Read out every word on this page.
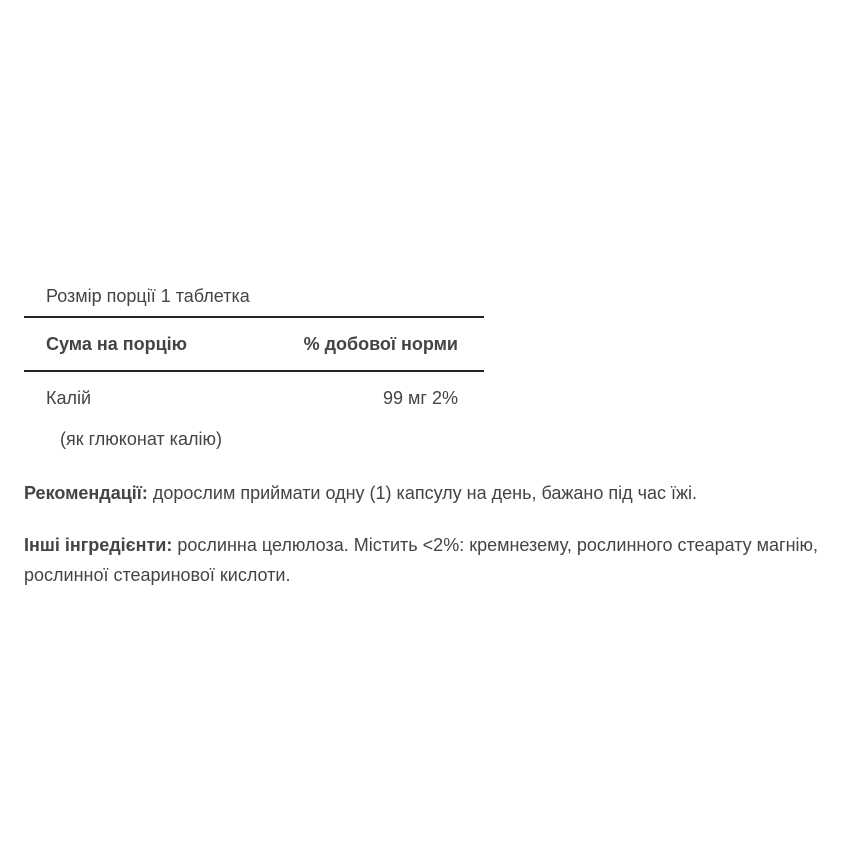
Розмір порції 1 таблетка
Сума на порцію	% добової норми
Калій	99 мг 2%
(як глюконат калію)
Рекомендації: дорослим приймати одну (1) капсулу на день, бажано під час їжі.
Інші інгредієнти: рослинна целюлоза. Містить <2%: кремнезему, рослинного стеарату магнію, рослинної стеаринової кислоти.
